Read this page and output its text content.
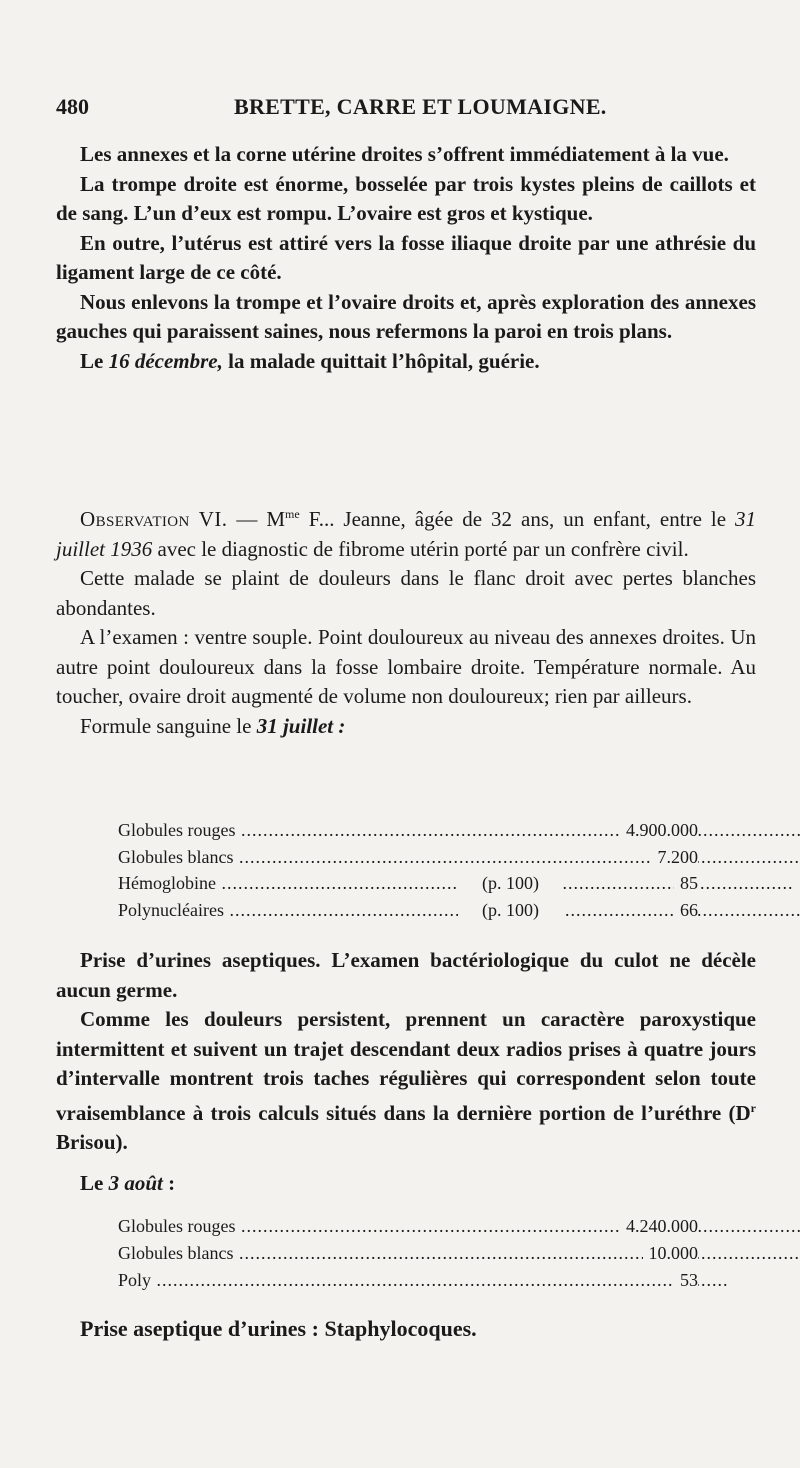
480	BRETTE, CARRE ET LOUMAIGNE.

Les annexes et la corne utérine droites s’offrent immédiatement à la vue.

La trompe droite est énorme, bosselée par trois kystes pleins de caillots et de sang. L’un d’eux est rompu. L’ovaire est gros et kystique.

En outre, l’utérus est attiré vers la fosse iliaque droite par une athrésie du ligament large de ce côté.

Nous enlevons la trompe et l’ovaire droits et, après exploration des annexes gauches qui paraissent saines, nous refermons la paroi en trois plans.

Le 16 décembre, la malade quittait l’hôpital, guérie.

Observation VI. — $M^{me}$ F... Jeanne, âgée de 32 ans, un enfant, entre le 31 juillet 1936 avec le diagnostic de fibrome utérin porté par un confrère civil.

Cette malade se plaint de douleurs dans le flanc droit avec pertes blanches abondantes.

A l’examen : ventre souple. Point douloureux au niveau des annexes droites. Un autre point douloureux dans la fosse lombaire droite. Température normale. Au toucher, ovaire droit augmenté de volume non douloureux; rien par ailleurs.

Formule sanguine le 31 juillet :

Globules rouges .....	4.900.000
Globules blancs .....	7.200
Hémoglobine .....	(p. 100)	85
Polynucléaires .....	(p. 100)	66

Prise d’urines aseptiques. L’examen bactériologique du culot ne décèle aucun germe.

Comme les douleurs persistent, prennent un caractère paroxystique intermittent et suivent un trajet descendant deux radios prises à quatre jours d’intervalle montrent trois taches régulières qui correspondent selon toute vraisemblance à trois calculs situés dans la dernière portion de l’uréthre ($D^r$ Brisou).

Le 3 août :

Globules rouges .....	4.240.000
Globules blancs .....	10.000
Poly .....	53

Prise aseptique d’urines : Staphylocoques.
